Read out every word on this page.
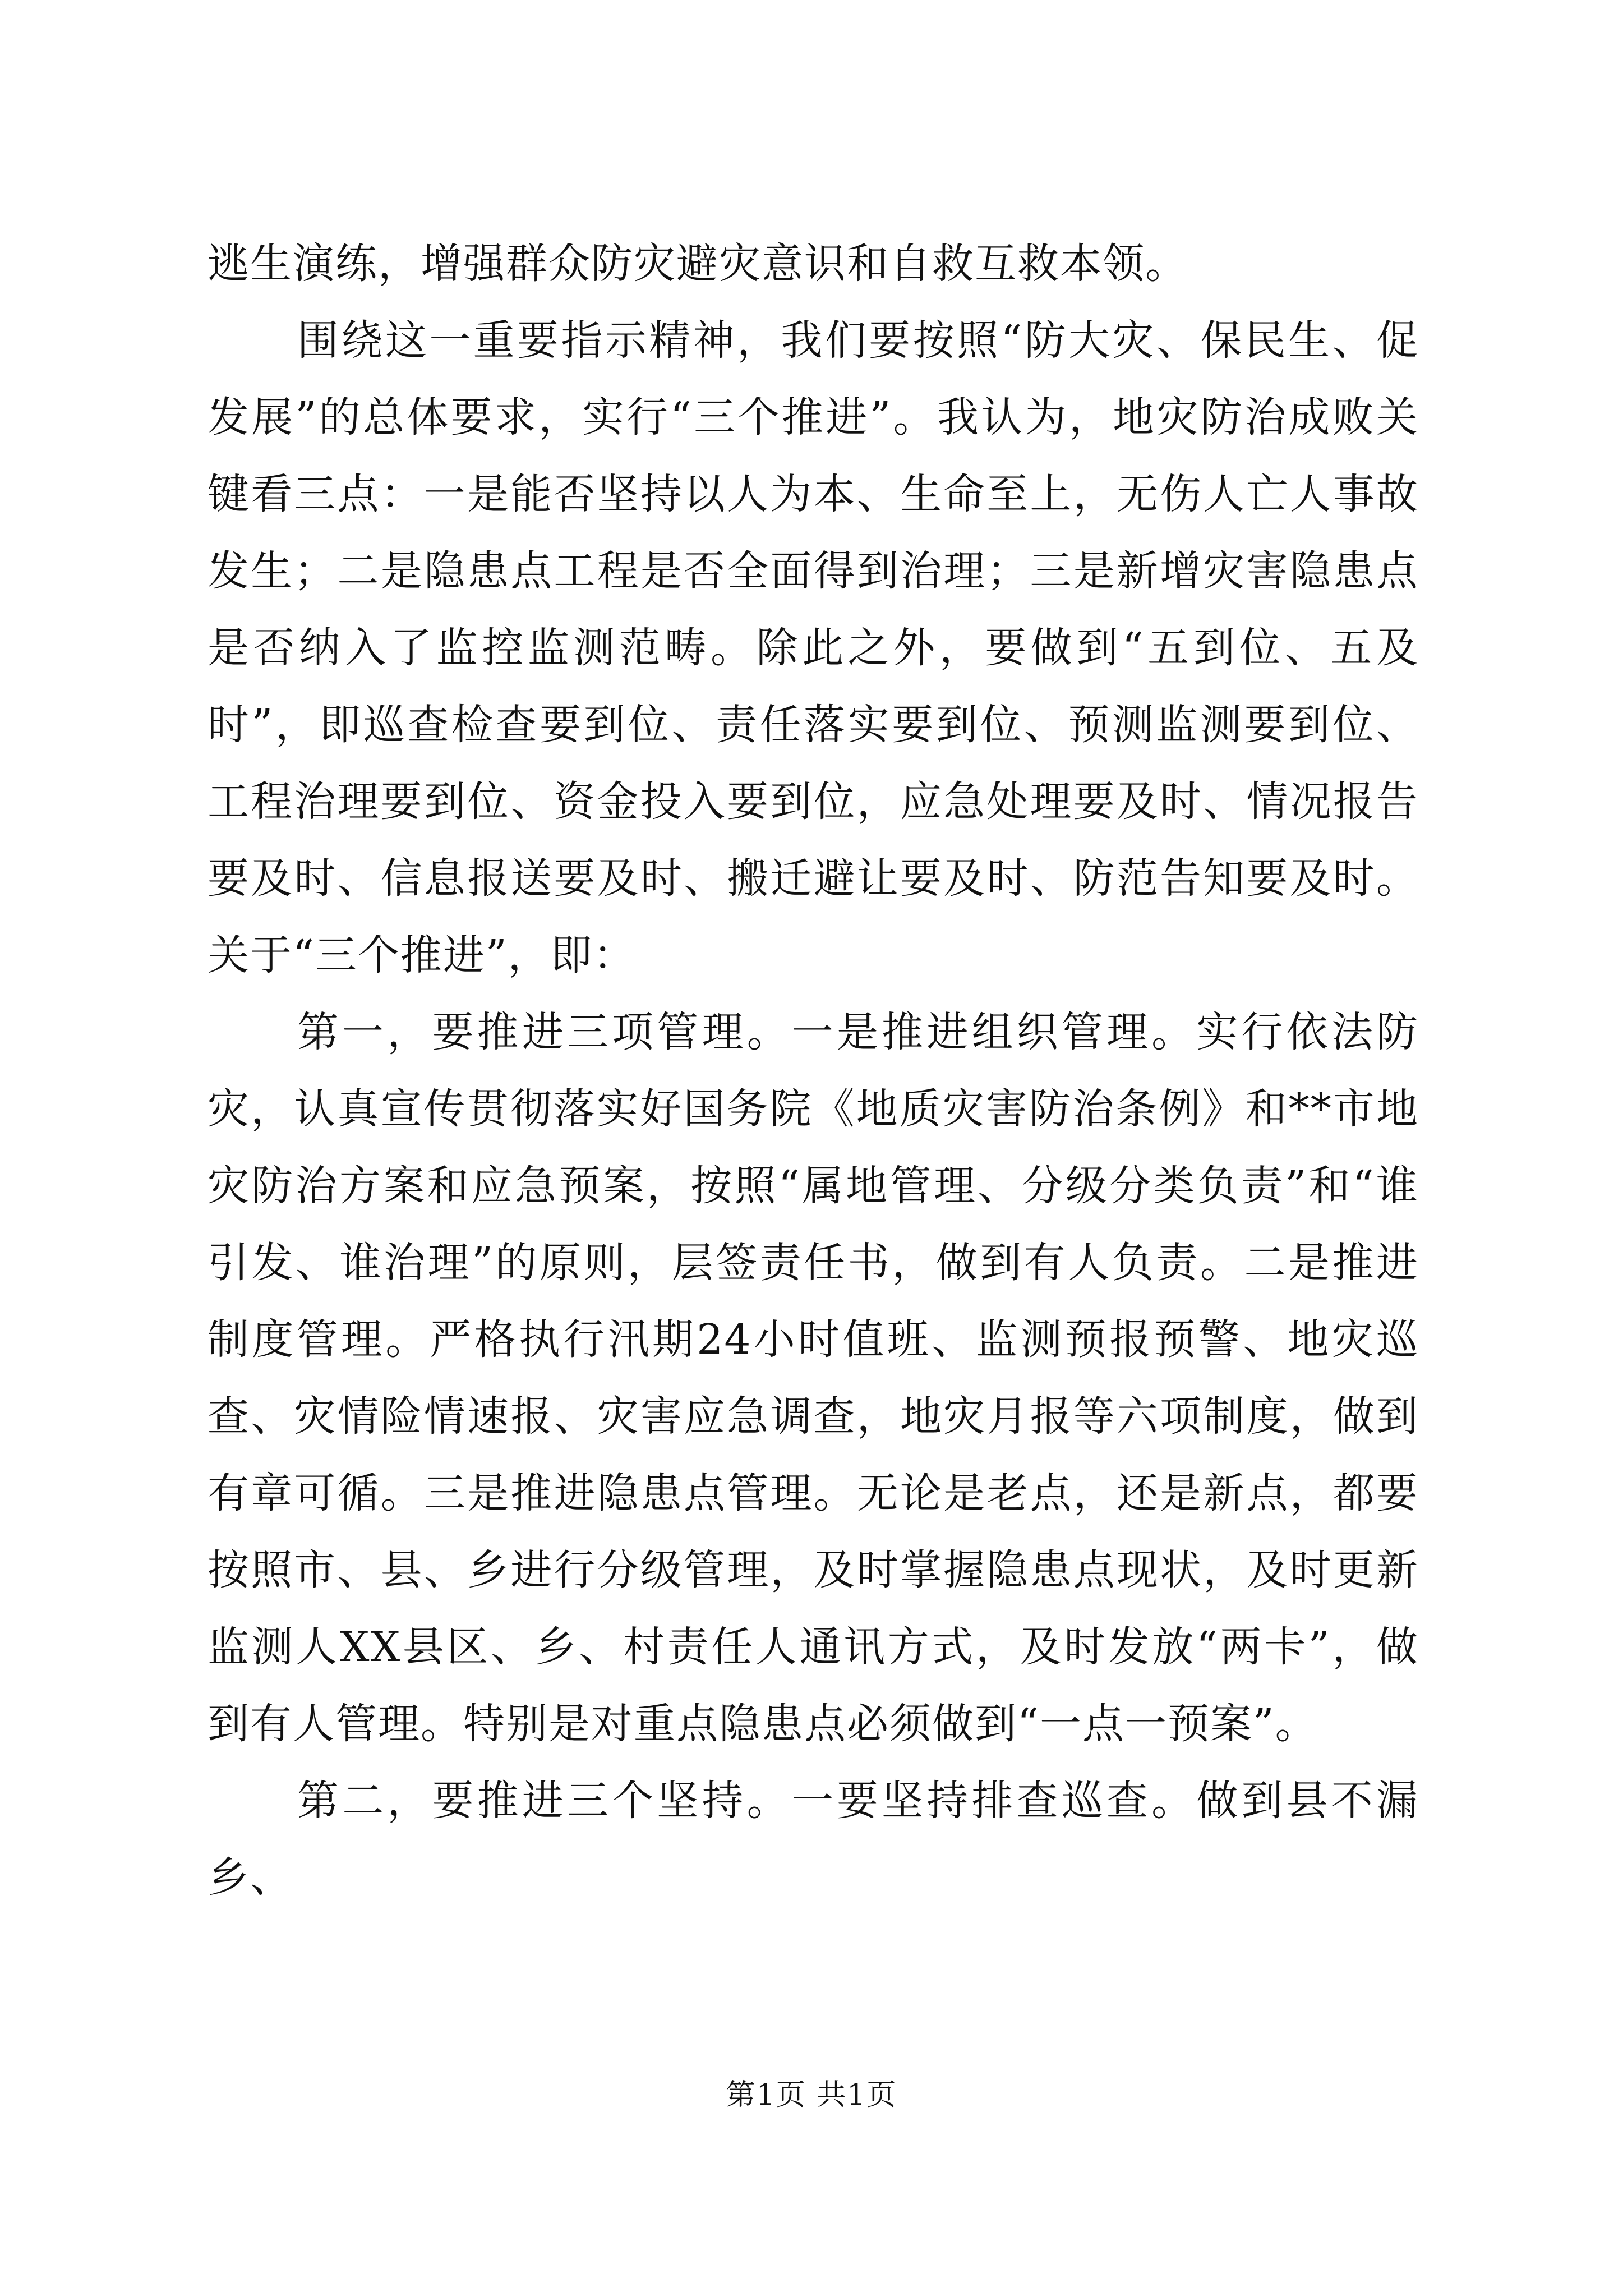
逃生演练，增强群众防灾避灾意识和自救互救本领。

围绕这一重要指示精神，我们要按照“防大灾、保民生、促发展”的总体要求，实行“三个推进”。我认为，地灾防治成败关键看三点：一是能否坚持以人为本、生命至上，无伤人亡人事故发生；二是隐患点工程是否全面得到治理；三是新增灾害隐患点是否纳入了监控监测范畴。除此之外，要做到“五到位、五及时”，即巡查检查要到位、责任落实要到位、预测监测要到位、工程治理要到位、资金投入要到位，应急处理要及时、情况报告要及时、信息报送要及时、搬迁避让要及时、防范告知要及时。关于“三个推进”，即：

第一，要推进三项管理。一是推进组织管理。实行依法防灾，认真宣传贯彻落实好国务院《地质灾害防治条例》和**市地灾防治方案和应急预案，按照“属地管理、分级分类负责”和“谁引发、谁治理”的原则，层签责任书，做到有人负责。二是推进制度管理。严格执行汛期24小时值班、监测预报预警、地灾巡查、灾情险情速报、灾害应急调查，地灾月报等六项制度，做到有章可循。三是推进隐患点管理。无论是老点，还是新点，都要按照市、县、乡进行分级管理，及时掌握隐患点现状，及时更新监测人XX县区、乡、村责任人通讯方式，及时发放“两卡”，做到有人管理。特别是对重点隐患点必须做到“一点一预案”。

第二，要推进三个坚持。一要坚持排查巡查。做到县不漏乡、

第1页 共1页
